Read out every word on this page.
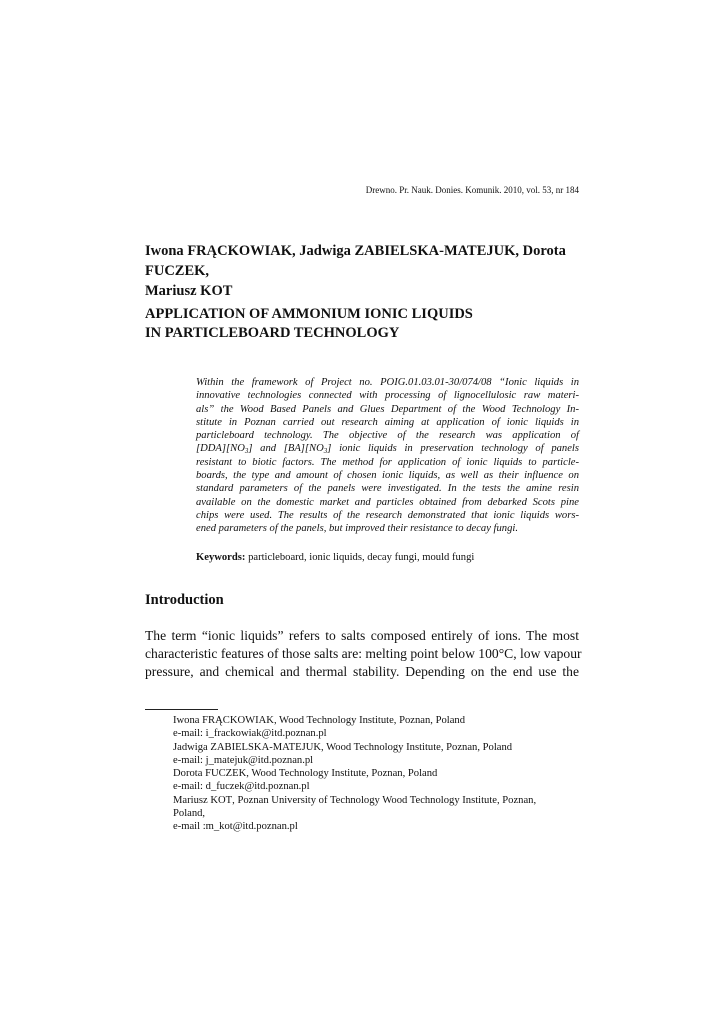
Drewno. Pr. Nauk. Donies. Komunik. 2010, vol. 53, nr 184
Iwona FRĄCKOWIAK, Jadwiga ZABIELSKA-MATEJUK, Dorota FUCZEK,
Mariusz KOT
APPLICATION OF AMMONIUM IONIC LIQUIDS
IN PARTICLEBOARD TECHNOLOGY
Within the framework of Project no. POIG.01.03.01-30/074/08 “Ionic liquids in
innovative technologies connected with processing of lignocellulosic raw materi-
als” the Wood Based Panels and Glues Department of the Wood Technology In-
stitute in Poznan carried out research aiming at application of ionic liquids in
particleboard technology. The objective of the research was application of
$[DDA][NO_3]$ and $[BA][NO_3]$ ionic liquids in preservation technology of panels
resistant to biotic factors. The method for application of ionic liquids to particle-
boards, the type and amount of chosen ionic liquids, as well as their influence on
standard parameters of the panels were investigated. In the tests the amine resin
available on the domestic market and particles obtained from debarked Scots pine
chips were used. The results of the research demonstrated that ionic liquids wors-
ened parameters of the panels, but improved their resistance to decay fungi.
Keywords: particleboard, ionic liquids, decay fungi, mould fungi
Introduction
The term “ionic liquids” refers to salts composed entirely of ions. The most
characteristic features of those salts are: melting point below 100°C, low vapour
pressure, and chemical and thermal stability. Depending on the end use the
Iwona FRĄCKOWIAK, Wood Technology Institute, Poznan, Poland
e-mail: i_frackowiak@itd.poznan.pl
Jadwiga ZABIELSKA-MATEJUK, Wood Technology Institute, Poznan, Poland
e-mail: j_matejuk@itd.poznan.pl
Dorota FUCZEK, Wood Technology Institute, Poznan, Poland
e-mail: d_fuczek@itd.poznan.pl
Mariusz KOT, Poznan University of Technology Wood Technology Institute, Poznan,
Poland,
e-mail :m_kot@itd.poznan.pl
